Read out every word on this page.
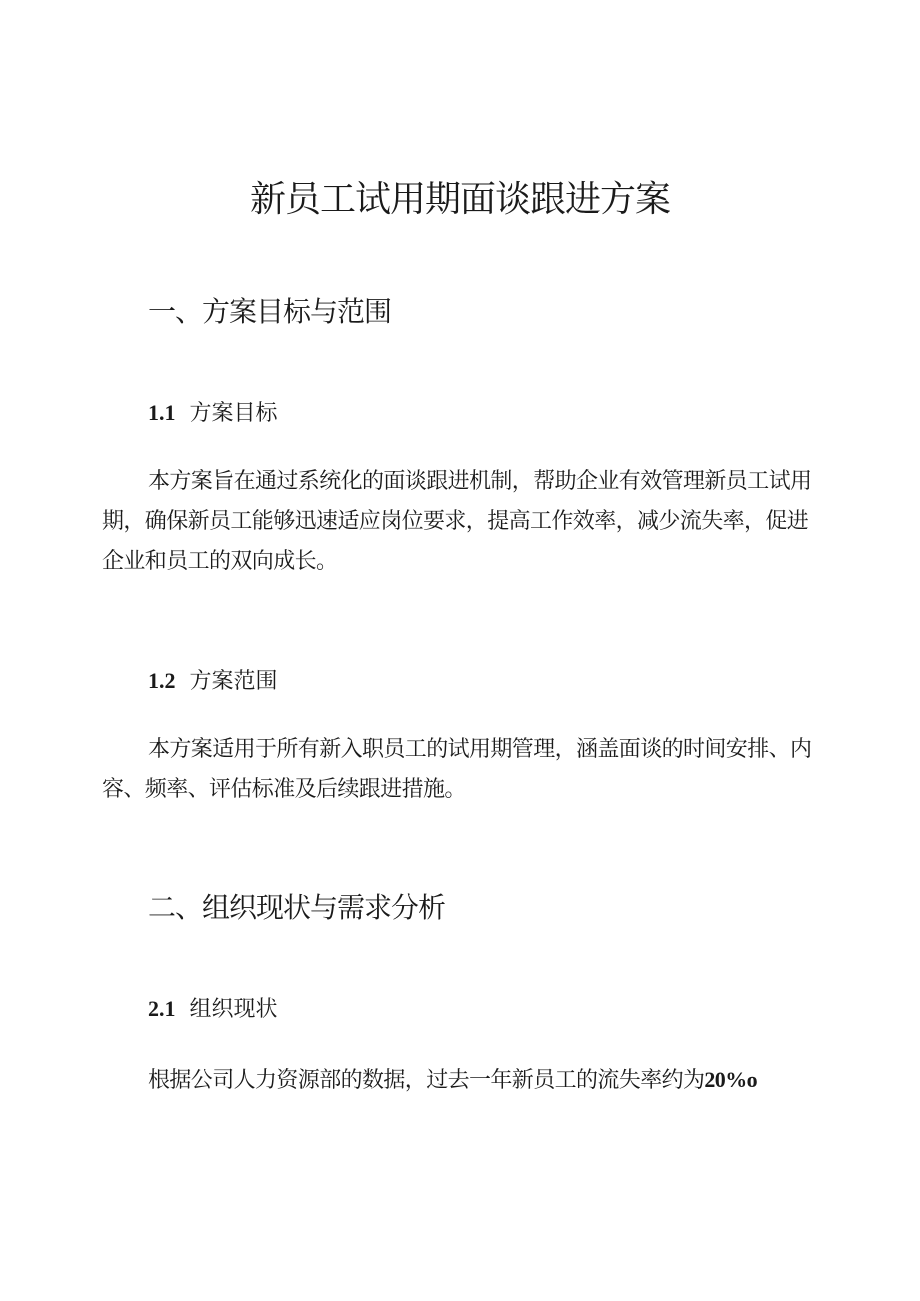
新员工试用期面谈跟进方案
一、方案目标与范围
1.1 方案目标

本方案旨在通过系统化的面谈跟进机制，帮助企业有效管理新员工试用期，确保新员工能够迅速适应岗位要求，提高工作效率，减少流失率，促进企业和员工的双向成长。

1.2 方案范围

本方案适用于所有新入职员工的试用期管理，涵盖面谈的时间安排、内容、频率、评估标准及后续跟进措施。

二、组织现状与需求分析
2.1 组织现状

根据公司人力资源部的数据，过去一年新员工的流失率约为20%o
